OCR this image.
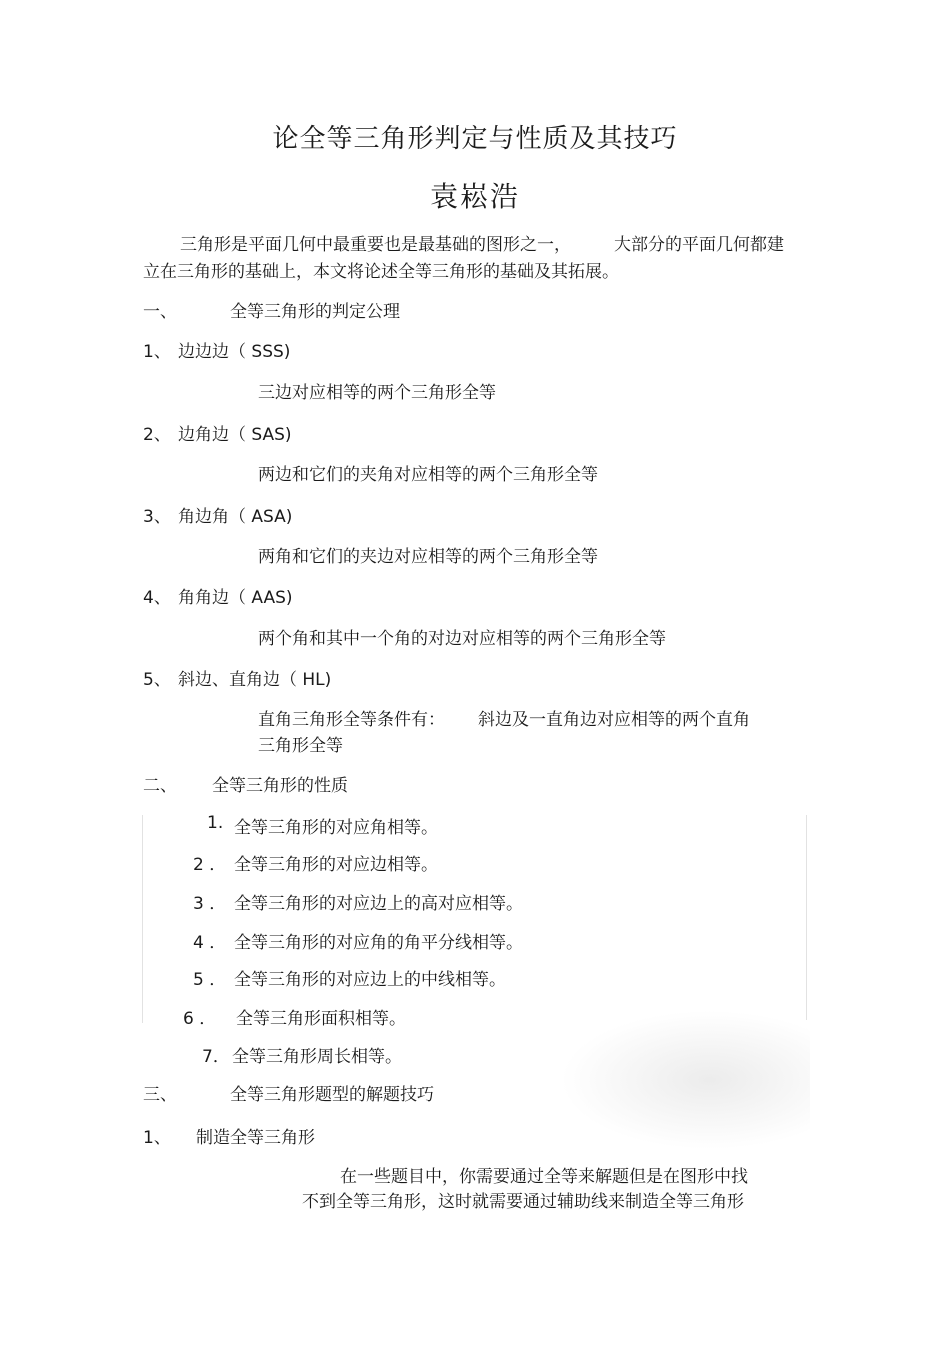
论全等三角形判定与性质及其技巧
袁崧浩
三角形是平面几何中最重要也是最基础的图形之一，	大部分的平面几何都建
立在三角形的基础上，本文将论述全等三角形的基础及其拓展。
一、	全等三角形的判定公理
1、 边边边（ SSS)
三边对应相等的两个三角形全等
2、 边角边（ SAS)
两边和它们的夹角对应相等的两个三角形全等
3、 角边角（ ASA)
两角和它们的夹边对应相等的两个三角形全等
4、 角角边（ AAS)
两个角和其中一个角的对边对应相等的两个三角形全等
5、 斜边、直角边（ HL)
直角三角形全等条件有： 斜边及一直角边对应相等的两个直角
三角形全等
二、 全等三角形的性质
1. 全等三角形的对应角相等。
2 ． 全等三角形的对应边相等。
3 ． 全等三角形的对应边上的高对应相等。
4 ． 全等三角形的对应角的角平分线相等。
5 ． 全等三角形的对应边上的中线相等。
6 ． 全等三角形面积相等。
7． 全等三角形周长相等。
三、	全等三角形题型的解题技巧
1、 制造全等三角形
在一些题目中，你需要通过全等来解题但是在图形中找
不到全等三角形，这时就需要通过辅助线来制造全等三角形
